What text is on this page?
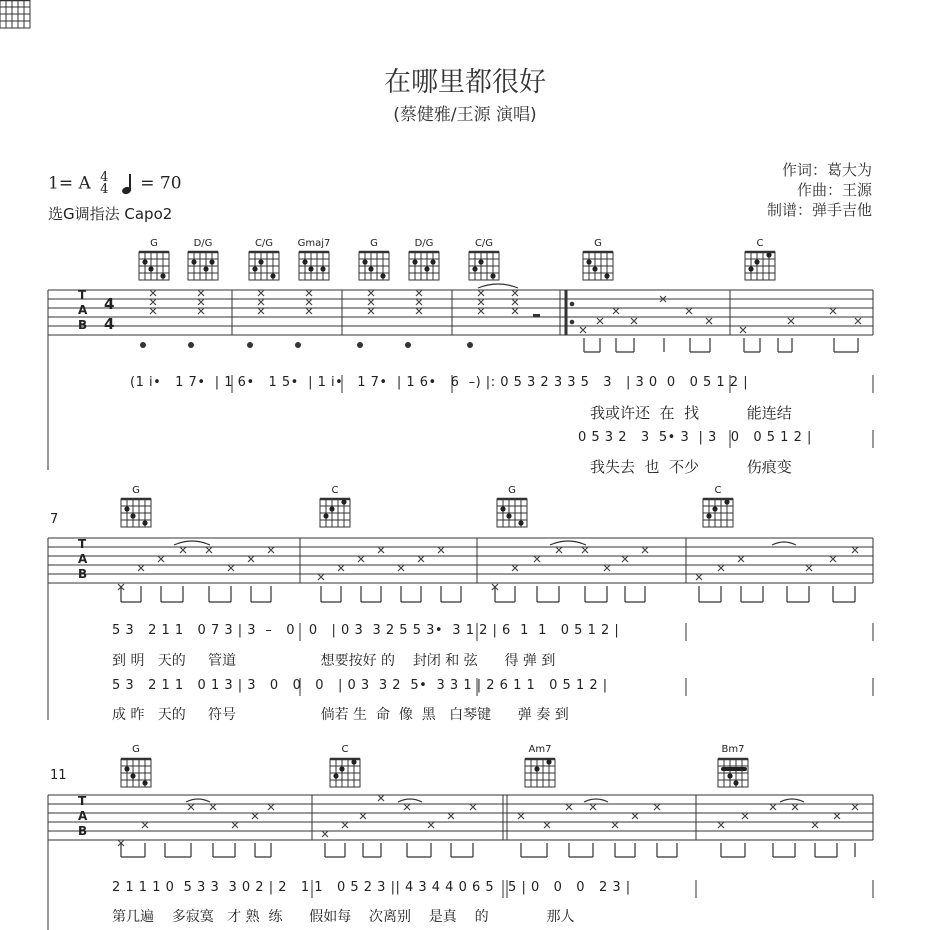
在哪里都很好
(蔡健雅/王源 演唱)
作词：葛大为
作曲：王源
制谱：弹手吉他
1= A 4
4 = 70
选G调指法 Capo2
G	D/G	C/G	Gmaj7	G	D/G	C/G	G	C
T
A
B
4
4
(1 i•   1 7•  | 1 6•   1 5•  | 1 i•   1 7•  | 1 6•   6  –) |: 0 5 3 2 3 3 5   3   | 3 0  0   0 5 1 2 |
我或许还  在  找          能连结
0 5 3 2   3  5• 3  | 3   0   0 5 1 2 |
我失去  也  不少          伤痕变
7
G	C	G	C
T
A
B
5 3   2 1 1   0 7 3 | 3  –   0   0   | 0 3  3 2 5 5 3•  3 1 2 | 6  1  1   0 5 1 2 |
到 明   天的     管道                   想要按好 的    封闭 和 弦      得 弹 到
5 3   2 1 1   0 1 3 | 3   0   0   0   | 0 3  3 2  5•  3 3 1 | 2 6 1 1   0 5 1 2 |
成 昨   天的     符号                   倘若 生  命  像  黑   白琴键      弹 奏 到
11
G	C	Am7	Bm7
T
A
B
2 1 1 1 0  5 3 3  3 0 2 | 2   1 1   0 5 2 3 || 4 3 4 4 0 6 5   5 | 0   0   0   2 3 |
第几遍    多寂寞   才 熟  练      假如每    次离别    是真    的             那人
